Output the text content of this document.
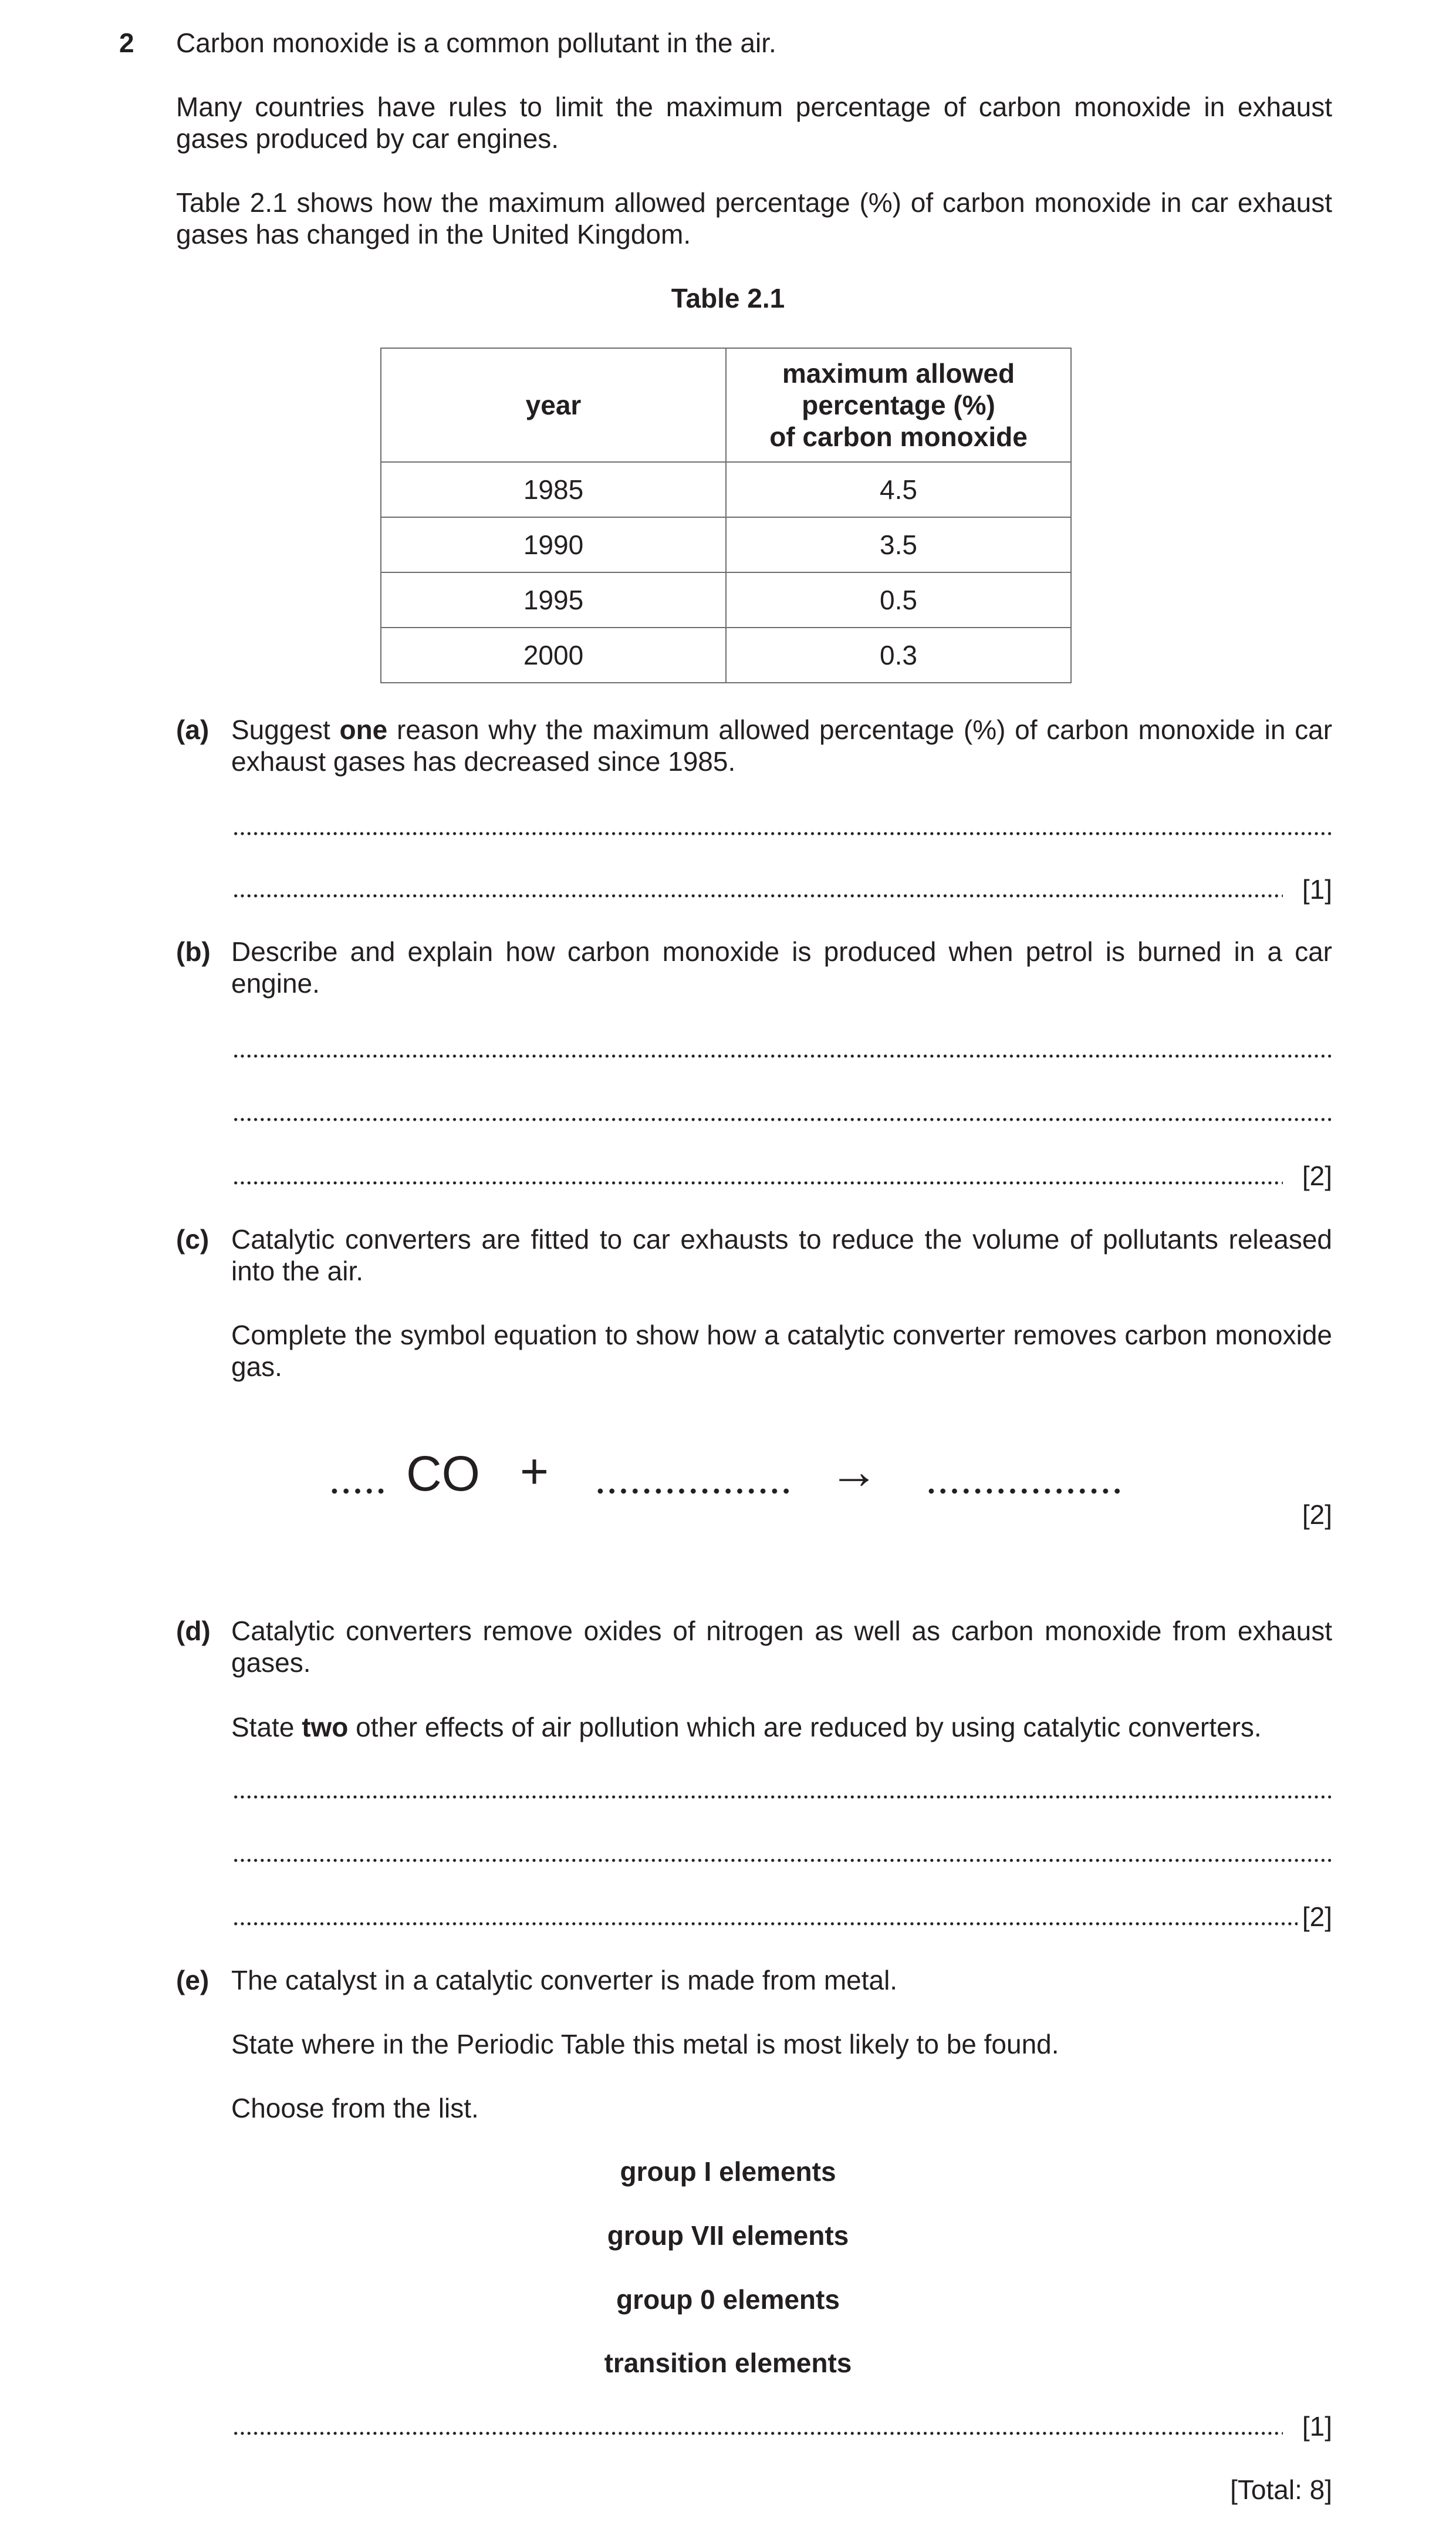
2 Carbon monoxide is a common pollutant in the air.
Many countries have rules to limit the maximum percentage of carbon monoxide in exhaust gases produced by car engines.
Table 2.1 shows how the maximum allowed percentage (%) of carbon monoxide in car exhaust gases has changed in the United Kingdom.
Table 2.1
year	maximum allowed
percentage (%)
of carbon monoxide

1985	4.5
1990	3.5
1995	0.5
2000	0.3
(a) Suggest one reason why the maximum allowed percentage (%) of carbon monoxide in car exhaust gases has decreased since 1985.
[1]
(b) Describe and explain how carbon monoxide is produced when petrol is burned in a car engine.
[2]
(c) Catalytic converters are fitted to car exhausts to reduce the volume of pollutants released into the air.
Complete the symbol equation to show how a catalytic converter removes carbon monoxide gas.
CO +	→
[2]
(d) Catalytic converters remove oxides of nitrogen as well as carbon monoxide from exhaust gases.
State two other effects of air pollution which are reduced by using catalytic converters.
[2]
(e) The catalyst in a catalytic converter is made from metal.
State where in the Periodic Table this metal is most likely to be found.
Choose from the list.
group I elements
group VII elements
group 0 elements
transition elements
[1]
[Total: 8]
